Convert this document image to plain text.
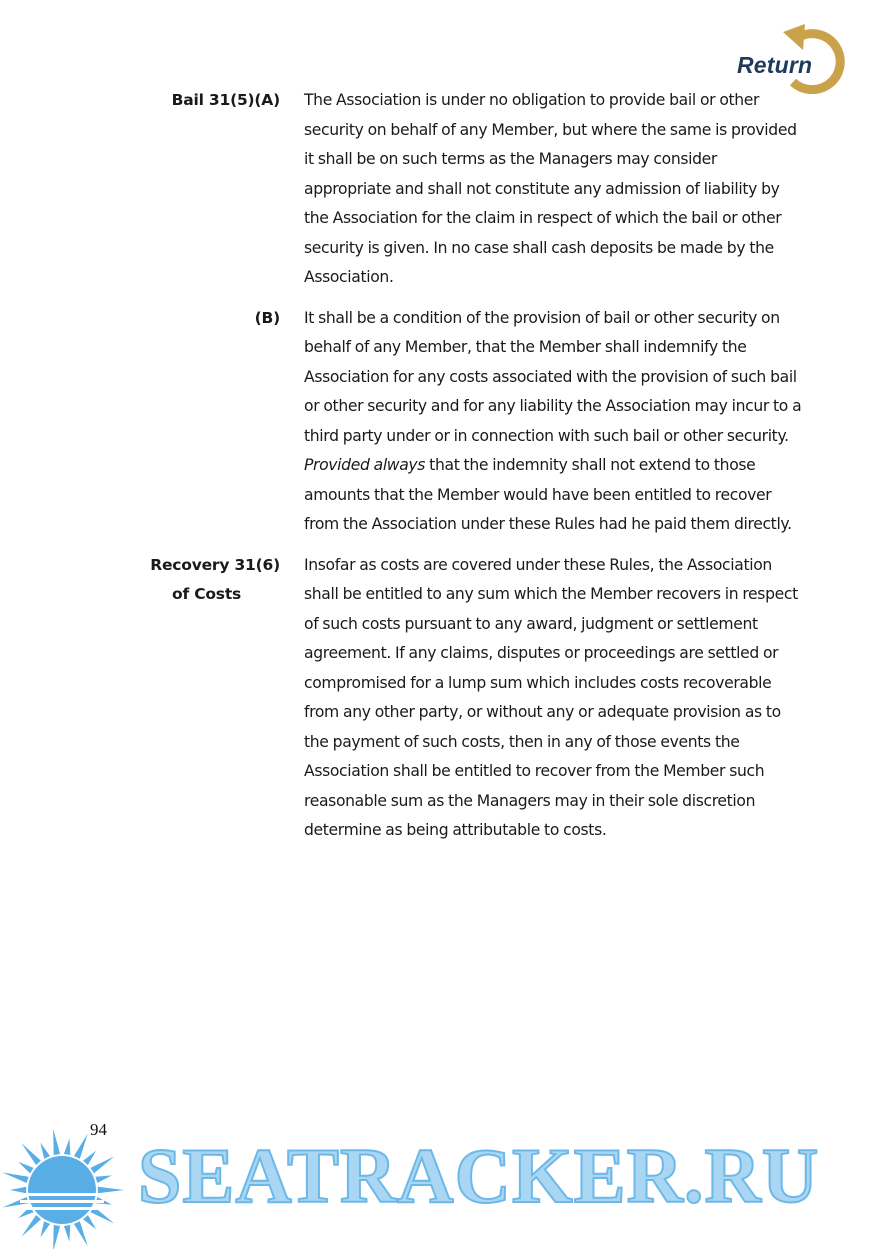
Return
Bail 31(5)(A) The Association is under no obligation to provide bail or other security on behalf of any Member, but where the same is provided it shall be on such terms as the Managers may consider appropriate and shall not constitute any admission of liability by the Association for the claim in respect of which the bail or other security is given. In no case shall cash deposits be made by the Association.
(B) It shall be a condition of the provision of bail or other security on behalf of any Member, that the Member shall indemnify the Association for any costs associated with the provision of such bail or other security and for any liability the Association may incur to a third party under or in connection with such bail or other security. Provided always that the indemnity shall not extend to those amounts that the Member would have been entitled to recover from the Association under these Rules had he paid them directly.
Recovery 31(6)
of Costs
Insofar as costs are covered under these Rules, the Association shall be entitled to any sum which the Member recovers in respect of such costs pursuant to any award, judgment or settlement agreement. If any claims, disputes or proceedings are settled or compromised for a lump sum which includes costs recoverable from any other party, or without any or adequate provision as to the payment of such costs, then in any of those events the Association shall be entitled to recover from the Member such reasonable sum as the Managers may in their sole discretion determine as being attributable to costs.
94
SEATRACKER.RU
